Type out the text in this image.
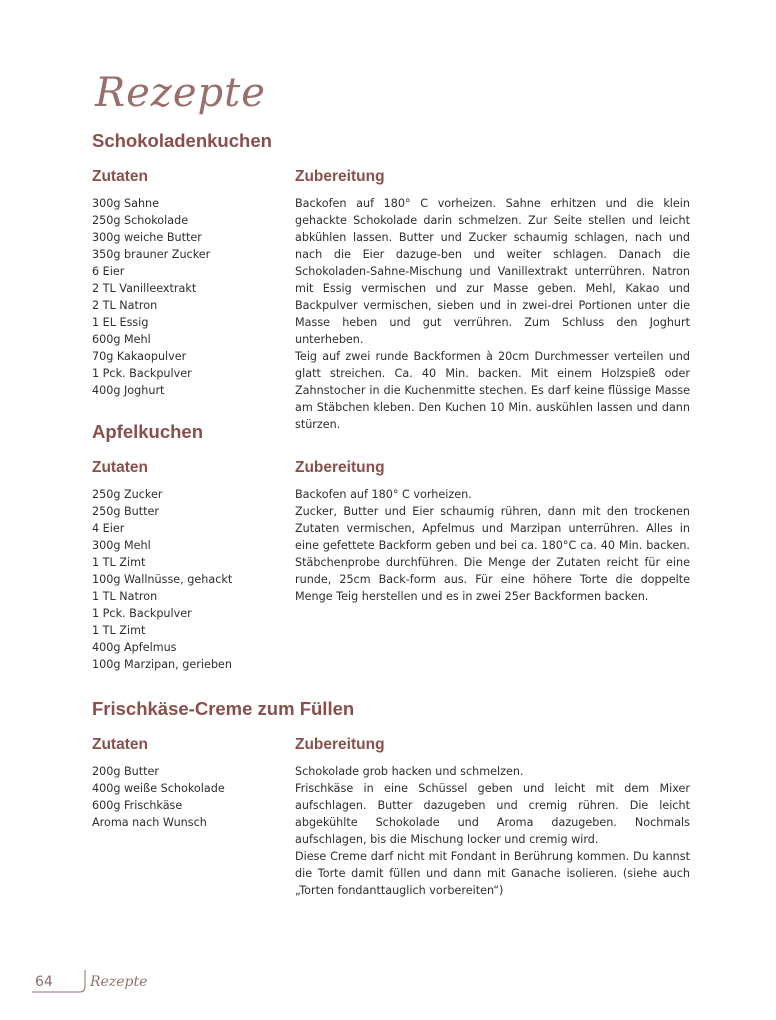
Rezepte
Schokoladenkuchen
Zutaten
300g Sahne
250g Schokolade
300g weiche Butter
350g brauner Zucker
6 Eier
2 TL Vanilleextrakt
2 TL Natron
1 EL Essig
600g Mehl
70g Kakaopulver
1 Pck. Backpulver
400g Joghurt
Zubereitung

Backofen auf 180° C vorheizen. Sahne erhitzen und die klein gehackte Schokolade darin schmelzen. Zur Seite stellen und leicht abkühlen lassen. Butter und Zucker schaumig schlagen, nach und nach die Eier dazuge-ben und weiter schlagen. Danach die Schokoladen-Sahne-Mischung und Vanillextrakt unterrühren. Natron mit Essig vermischen und zur Masse geben. Mehl, Kakao und Backpulver vermischen, sieben und in zwei-drei Portionen unter die Masse heben und gut verrühren. Zum Schluss den Joghurt unterheben.

Teig auf zwei runde Backformen à 20cm Durchmesser verteilen und glatt streichen. Ca. 40 Min. backen. Mit einem Holzspieß oder Zahnstocher in die Kuchenmitte stechen. Es darf keine flüssige Masse am Stäbchen kleben. Den Kuchen 10 Min. auskühlen lassen und dann stürzen.

Apfelkuchen
Zutaten
250g Zucker
250g Butter
4 Eier
300g Mehl
1 TL Zimt
100g Wallnüsse, gehackt
1 TL Natron
1 Pck. Backpulver
1 TL Zimt
400g Apfelmus
100g Marzipan, gerieben
Zubereitung

Backofen auf 180° C vorheizen.

Zucker, Butter und Eier schaumig rühren, dann mit den trockenen Zutaten vermischen, Apfelmus und Marzipan unterrühren. Alles in eine gefettete Backform geben und bei ca. 180°C ca. 40 Min. backen. Stäbchenprobe durchführen. Die Menge der Zutaten reicht für eine runde, 25cm Back-form aus. Für eine höhere Torte die doppelte Menge Teig herstellen und es in zwei 25er Backformen backen.

Frischkäse-Creme zum Füllen
Zutaten
200g Butter
400g weiße Schokolade
600g Frischkäse
Aroma nach Wunsch
Zubereitung

Schokolade grob hacken und schmelzen.

Frischkäse in eine Schüssel geben und leicht mit dem Mixer aufschlagen. Butter dazugeben und cremig rühren. Die leicht abgekühlte Schokolade und Aroma dazugeben. Nochmals aufschlagen, bis die Mischung locker und cremig wird.

Diese Creme darf nicht mit Fondant in Berührung kommen. Du kannst die Torte damit füllen und dann mit Ganache isolieren. (siehe auch „Torten fondanttauglich vorbereiten“)

64	Rezepte
